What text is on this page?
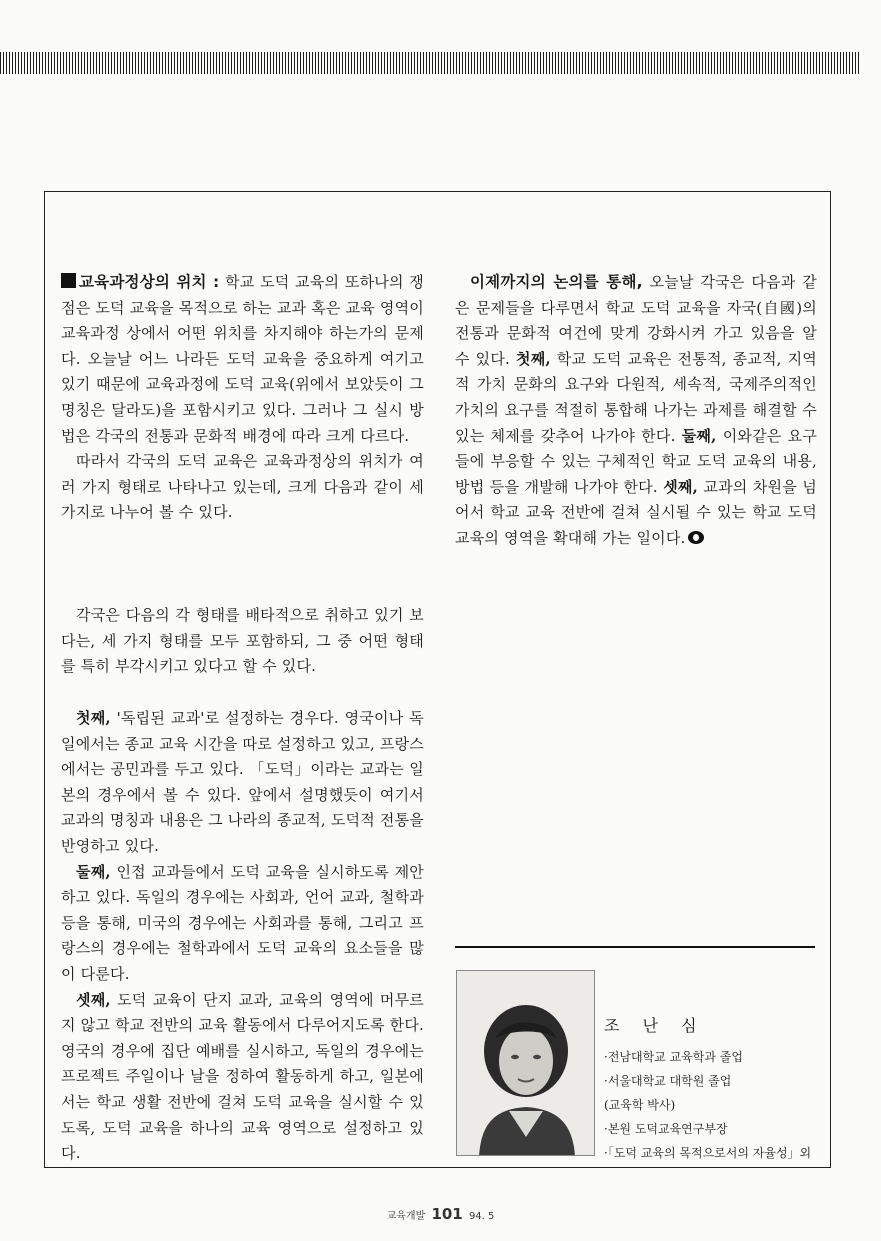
교육과정상의 위치 : 학교 도덕 교육의 또하나의 쟁점은 도덕 교육을 목적으로 하는 교과 혹은 교육 영역이 교육과정 상에서 어떤 위치를 차지해야 하는가의 문제다. 오늘날 어느 나라든 도덕 교육을 중요하게 여기고 있기 때문에 교육과정에 도덕 교육(위에서 보았듯이 그 명칭은 달라도)을 포함시키고 있다. 그러나 그 실시 방법은 각국의 전통과 문화적 배경에 따라 크게 다르다.

따라서 각국의 도덕 교육은 교육과정상의 위치가 여러 가지 형태로 나타나고 있는데, 크게 다음과 같이 세 가지로 나누어 볼 수 있다.

각국은 다음의 각 형태를 배타적으로 취하고 있기 보다는, 세 가지 형태를 모두 포함하되, 그 중 어떤 형태를 특히 부각시키고 있다고 할 수 있다.

첫째, '독립된 교과'로 설정하는 경우다. 영국이나 독일에서는 종교 교육 시간을 따로 설정하고 있고, 프랑스에서는 공민과를 두고 있다. 「도덕」이라는 교과는 일본의 경우에서 볼 수 있다. 앞에서 설명했듯이 여기서 교과의 명칭과 내용은 그 나라의 종교적, 도덕적 전통을 반영하고 있다.

둘째, 인접 교과들에서 도덕 교육을 실시하도록 제안하고 있다. 독일의 경우에는 사회과, 언어 교과, 철학과 등을 통해, 미국의 경우에는 사회과를 통해, 그리고 프랑스의 경우에는 철학과에서 도덕 교육의 요소들을 많이 다룬다.

셋째, 도덕 교육이 단지 교과, 교육의 영역에 머무르지 않고 학교 전반의 교육 활동에서 다루어지도록 한다. 영국의 경우에 집단 예배를 실시하고, 독일의 경우에는 프로젝트 주일이나 날을 정하여 활동하게 하고, 일본에서는 학교 생활 전반에 걸쳐 도덕 교육을 실시할 수 있도록, 도덕 교육을 하나의 교육 영역으로 설정하고 있다.

이제까지의 논의를 통해, 오늘날 각국은 다음과 같은 문제들을 다루면서 학교 도덕 교육을 자국(自國)의 전통과 문화적 여건에 맞게 강화시켜 가고 있음을 알 수 있다. 첫째, 학교 도덕 교육은 전통적, 종교적, 지역적 가치 문화의 요구와 다원적, 세속적, 국제주의적인 가치의 요구를 적절히 통합해 나가는 과제를 해결할 수 있는 체제를 갖추어 나가야 한다. 둘째, 이와같은 요구들에 부응할 수 있는 구체적인 학교 도덕 교육의 내용, 방법 등을 개발해 나가야 한다. 셋째, 교과의 차원을 넘어서 학교 교육 전반에 걸쳐 실시될 수 있는 학교 도덕 교육의 영역을 확대해 가는 일이다.

조 난 심
·전남대학교 교육학과 졸업
·서울대학교 대학원 졸업
(교육학 박사)
·본원 도덕교육연구부장
·「도덕 교육의 목적으로서의 자율성」외
교육개발 101 94. 5
